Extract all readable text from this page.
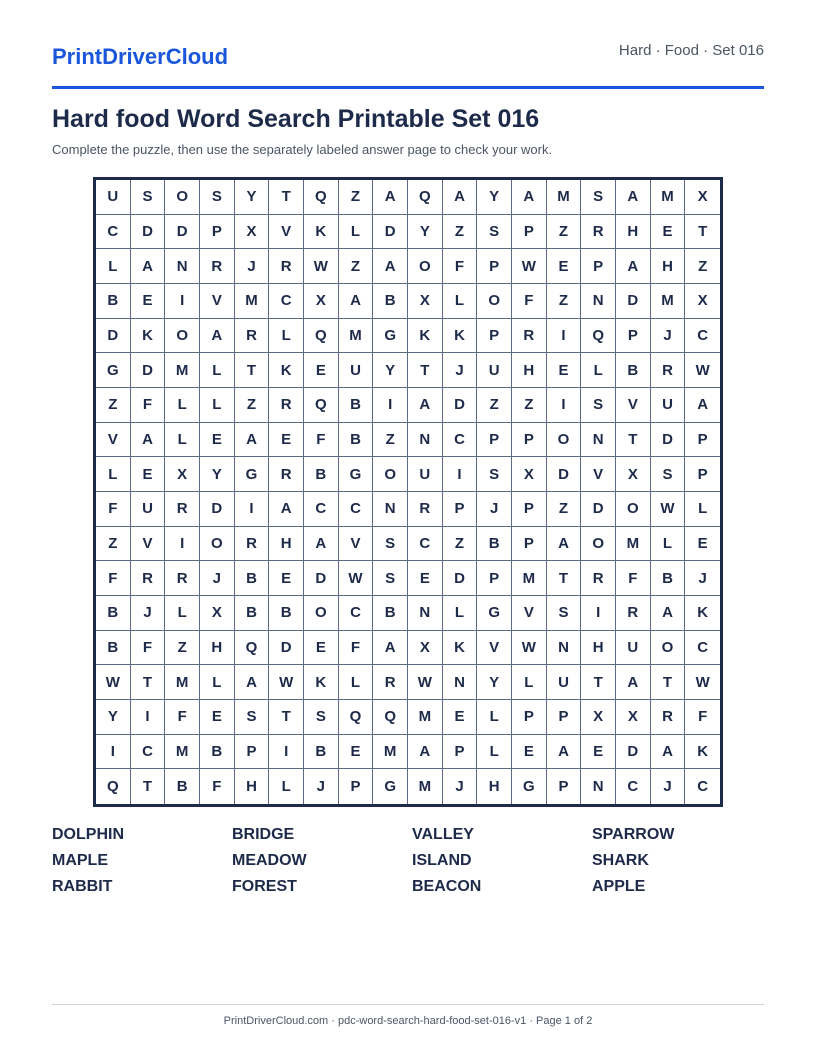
PrintDriverCloud	Hard · Food · Set 016
Hard food Word Search Printable Set 016
Complete the puzzle, then use the separately labeled answer page to check your work.
U	S	O	S	Y	T	Q	Z	A	Q	A	Y	A	M	S	A	M	X
C	D	D	P	X	V	K	L	D	Y	Z	S	P	Z	R	H	E	T
L	A	N	R	J	R	W	Z	A	O	F	P	W	E	P	A	H	Z
B	E	I	V	M	C	X	A	B	X	L	O	F	Z	N	D	M	X
D	K	O	A	R	L	Q	M	G	K	K	P	R	I	Q	P	J	C
G	D	M	L	T	K	E	U	Y	T	J	U	H	E	L	B	R	W
Z	F	L	L	Z	R	Q	B	I	A	D	Z	Z	I	S	V	U	A
V	A	L	E	A	E	F	B	Z	N	C	P	P	O	N	T	D	P
L	E	X	Y	G	R	B	G	O	U	I	S	X	D	V	X	S	P
F	U	R	D	I	A	C	C	N	R	P	J	P	Z	D	O	W	L
Z	V	I	O	R	H	A	V	S	C	Z	B	P	A	O	M	L	E
F	R	R	J	B	E	D	W	S	E	D	P	M	T	R	F	B	J
B	J	L	X	B	B	O	C	B	N	L	G	V	S	I	R	A	K
B	F	Z	H	Q	D	E	F	A	X	K	V	W	N	H	U	O	C
W	T	M	L	A	W	K	L	R	W	N	Y	L	U	T	A	T	W
Y	I	F	E	S	T	S	Q	Q	M	E	L	P	P	X	X	R	F
I	C	M	B	P	I	B	E	M	A	P	L	E	A	E	D	A	K
Q	T	B	F	H	L	J	P	G	M	J	H	G	P	N	C	J	C
DOLPHIN	BRIDGE	VALLEY	SPARROW
MAPLE	MEADOW	ISLAND	SHARK
RABBIT	FOREST	BEACON	APPLE
PrintDriverCloud.com · pdc-word-search-hard-food-set-016-v1 · Page 1 of 2
